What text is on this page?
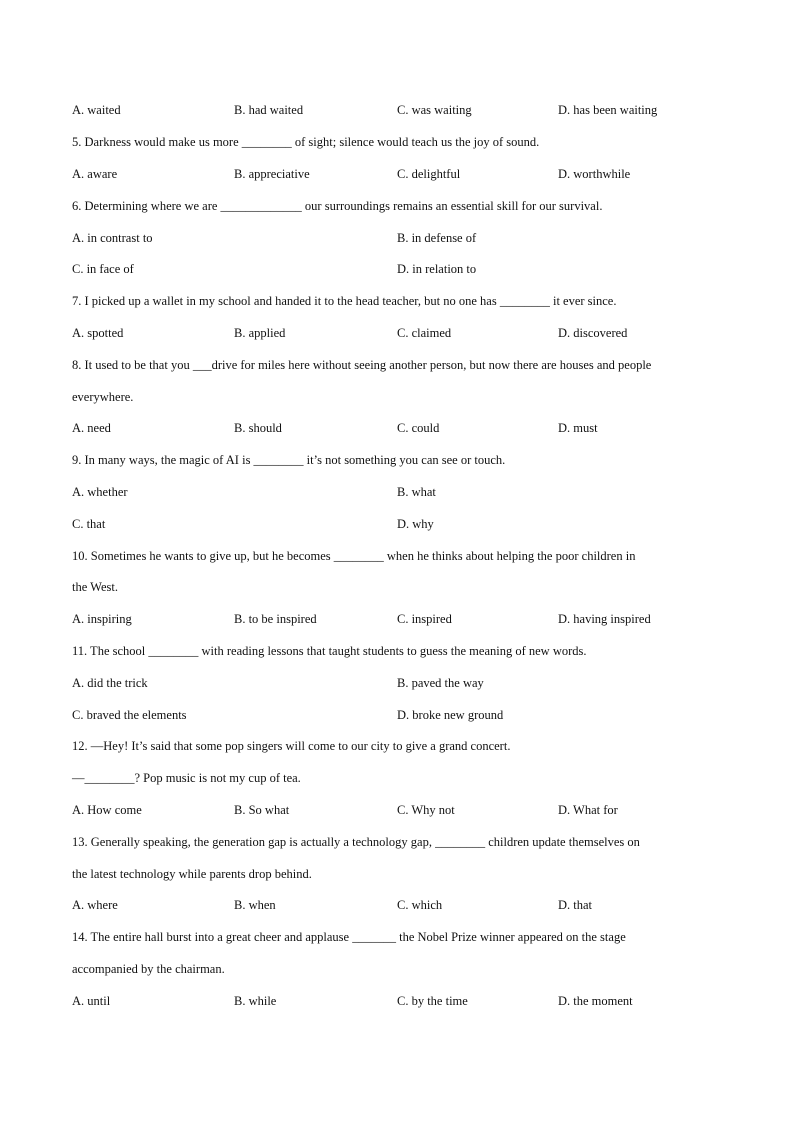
A. waited	B. had waited	C. was waiting	D. has been waiting
5. Darkness would make us more ________ of sight; silence would teach us the joy of sound.
A. aware	B. appreciative	C. delightful	D. worthwhile
6. Determining where we are _____________ our surroundings remains an essential skill for our survival.
A. in contrast to	B. in defense of
C. in face of	D. in relation to
7. I picked up a wallet in my school and handed it to the head teacher, but no one has ________ it ever since.
A. spotted	B. applied	C. claimed	D. discovered
8. It used to be that you ___drive for miles here without seeing another person, but now there are houses and people
everywhere.
A. need	B. should	C. could	D. must
9. In many ways, the magic of AI is ________ it’s not something you can see or touch.
A. whether	B. what
C. that	D. why
10. Sometimes he wants to give up, but he becomes ________ when he thinks about helping the poor children in
the West.
A. inspiring	B. to be inspired	C. inspired	D. having inspired
11. The school ________ with reading lessons that taught students to guess the meaning of new words.
A. did the trick	B. paved the way
C. braved the elements	D. broke new ground
12. —Hey! It’s said that some pop singers will come to our city to give a grand concert.
—________? Pop music is not my cup of tea.
A. How come	B. So what	C. Why not	D. What for
13. Generally speaking, the generation gap is actually a technology gap, ________ children update themselves on
the latest technology while parents drop behind.
A. where	B. when	C. which	D. that
14. The entire hall burst into a great cheer and applause _______ the Nobel Prize winner appeared on the stage
accompanied by the chairman.
A. until	B. while	C. by the time	D. the moment
